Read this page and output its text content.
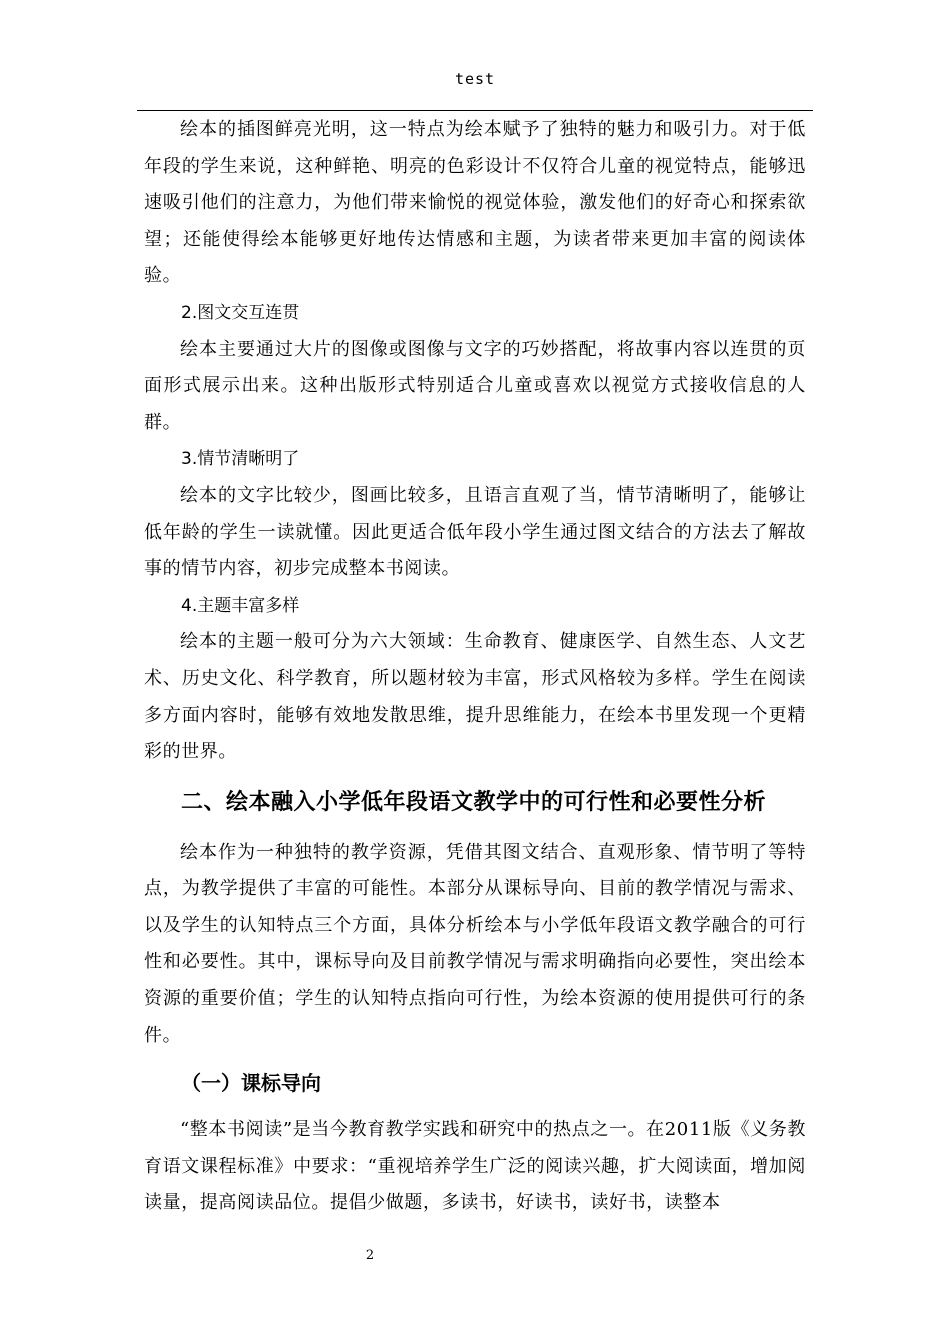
test

绘本的插图鲜亮光明，这一特点为绘本赋予了独特的魅力和吸引力。对于低年段的学生来说，这种鲜艳、明亮的色彩设计不仅符合儿童的视觉特点，能够迅速吸引他们的注意力，为他们带来愉悦的视觉体验，激发他们的好奇心和探索欲望；还能使得绘本能够更好地传达情感和主题，为读者带来更加丰富的阅读体验。

2.图文交互连贯

绘本主要通过大片的图像或图像与文字的巧妙搭配，将故事内容以连贯的页面形式展示出来。这种出版形式特别适合儿童或喜欢以视觉方式接收信息的人群。

3.情节清晰明了

绘本的文字比较少，图画比较多，且语言直观了当，情节清晰明了，能够让低年龄的学生一读就懂。因此更适合低年段小学生通过图文结合的方法去了解故事的情节内容，初步完成整本书阅读。

4.主题丰富多样

绘本的主题一般可分为六大领域：生命教育、健康医学、自然生态、人文艺术、历史文化、科学教育，所以题材较为丰富，形式风格较为多样。学生在阅读多方面内容时，能够有效地发散思维，提升思维能力，在绘本书里发现一个更精彩的世界。

二、绘本融入小学低年段语文教学中的可行性和必要性分析

绘本作为一种独特的教学资源，凭借其图文结合、直观形象、情节明了等特点，为教学提供了丰富的可能性。本部分从课标导向、目前的教学情况与需求、以及学生的认知特点三个方面，具体分析绘本与小学低年段语文教学融合的可行性和必要性。其中，课标导向及目前教学情况与需求明确指向必要性，突出绘本资源的重要价值；学生的认知特点指向可行性，为绘本资源的使用提供可行的条件。

（一）课标导向

“整本书阅读”是当今教育教学实践和研究中的热点之一。在2011版《义务教育语文课程标准》中要求：“重视培养学生广泛的阅读兴趣，扩大阅读面，增加阅读量，提高阅读品位。提倡少做题，多读书，好读书，读好书，读整本

2
